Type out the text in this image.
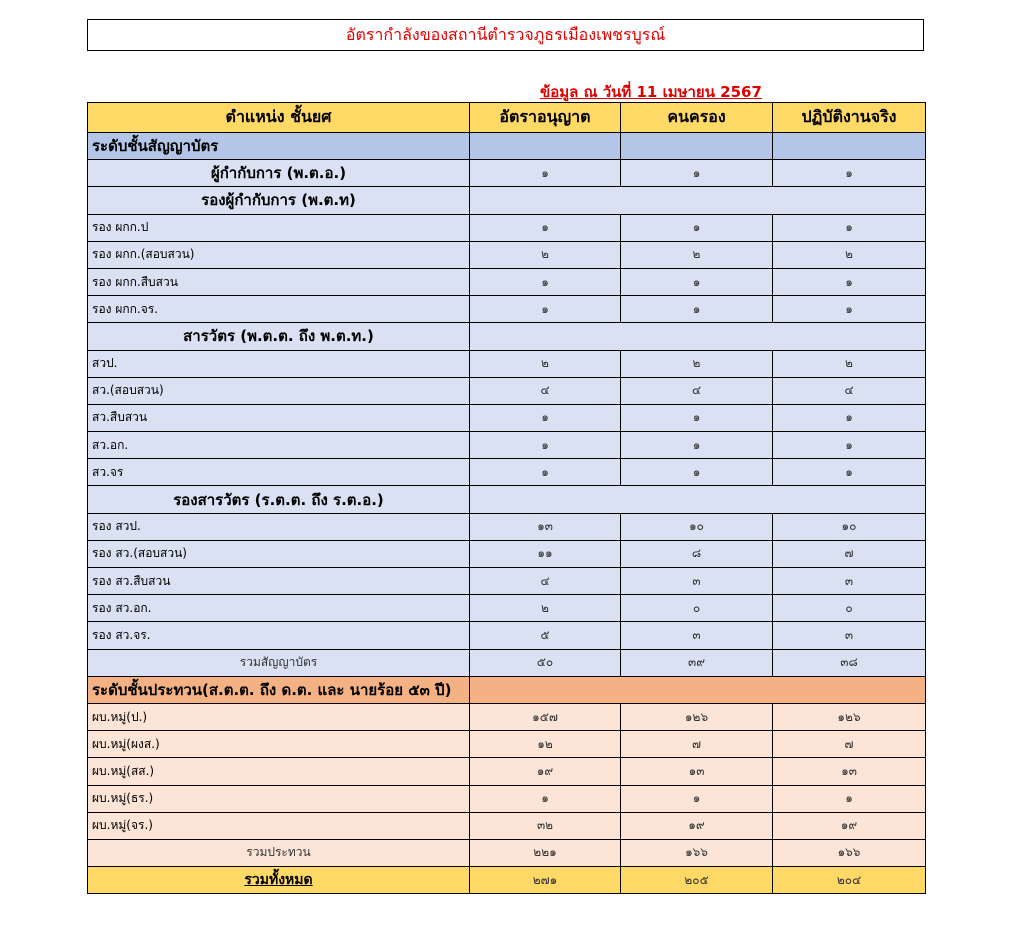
อัตรากำลังของสถานีตำรวจภูธรเมืองเพชรบูรณ์
ข้อมูล ณ วันที่ 11 เมษายน 2567
ตำแหน่ง ชั้นยศ	อัตราอนุญาต	คนครอง	ปฏิบัติงานจริง
ระดับชั้นสัญญาบัตร			
ผู้กำกับการ (พ.ต.อ.)	๑	๑	๑
รองผู้กำกับการ (พ.ต.ท)			
รอง ผกก.ป	๑	๑	๑
รอง ผกก.(สอบสวน)	๒	๒	๒
รอง ผกก.สืบสวน	๑	๑	๑
รอง ผกก.จร.	๑	๑	๑
สารวัตร (พ.ต.ต. ถึง พ.ต.ท.)			
สวป.	๒	๒	๒
สว.(สอบสวน)	๔	๔	๔
สว.สืบสวน	๑	๑	๑
สว.อก.	๑	๑	๑
สว.จร	๑	๑	๑
รองสารวัตร (ร.ต.ต. ถึง ร.ต.อ.)			
รอง สวป.	๑๓	๑๐	๑๐
รอง สว.(สอบสวน)	๑๑	๘	๗
รอง สว.สืบสวน	๔	๓	๓
รอง สว.อก.	๒	๐	๐
รอง สว.จร.	๕	๓	๓
รวมสัญญาบัตร	๕๐	๓๙	๓๘
ระดับชั้นประทวน(ส.ต.ต. ถึง ด.ต. และ นายร้อย ๕๓ ปี)			
ผบ.หมู่(ป.)	๑๕๗	๑๒๖	๑๒๖
ผบ.หมู่(ผงส.)	๑๒	๗	๗
ผบ.หมู่(สส.)	๑๙	๑๓	๑๓
ผบ.หมู่(ธร.)	๑	๑	๑
ผบ.หมู่(จร.)	๓๒	๑๙	๑๙
รวมประทวน	๒๒๑	๑๖๖	๑๖๖
รวมทั้งหมด	๒๗๑	๒๐๕	๒๐๔
